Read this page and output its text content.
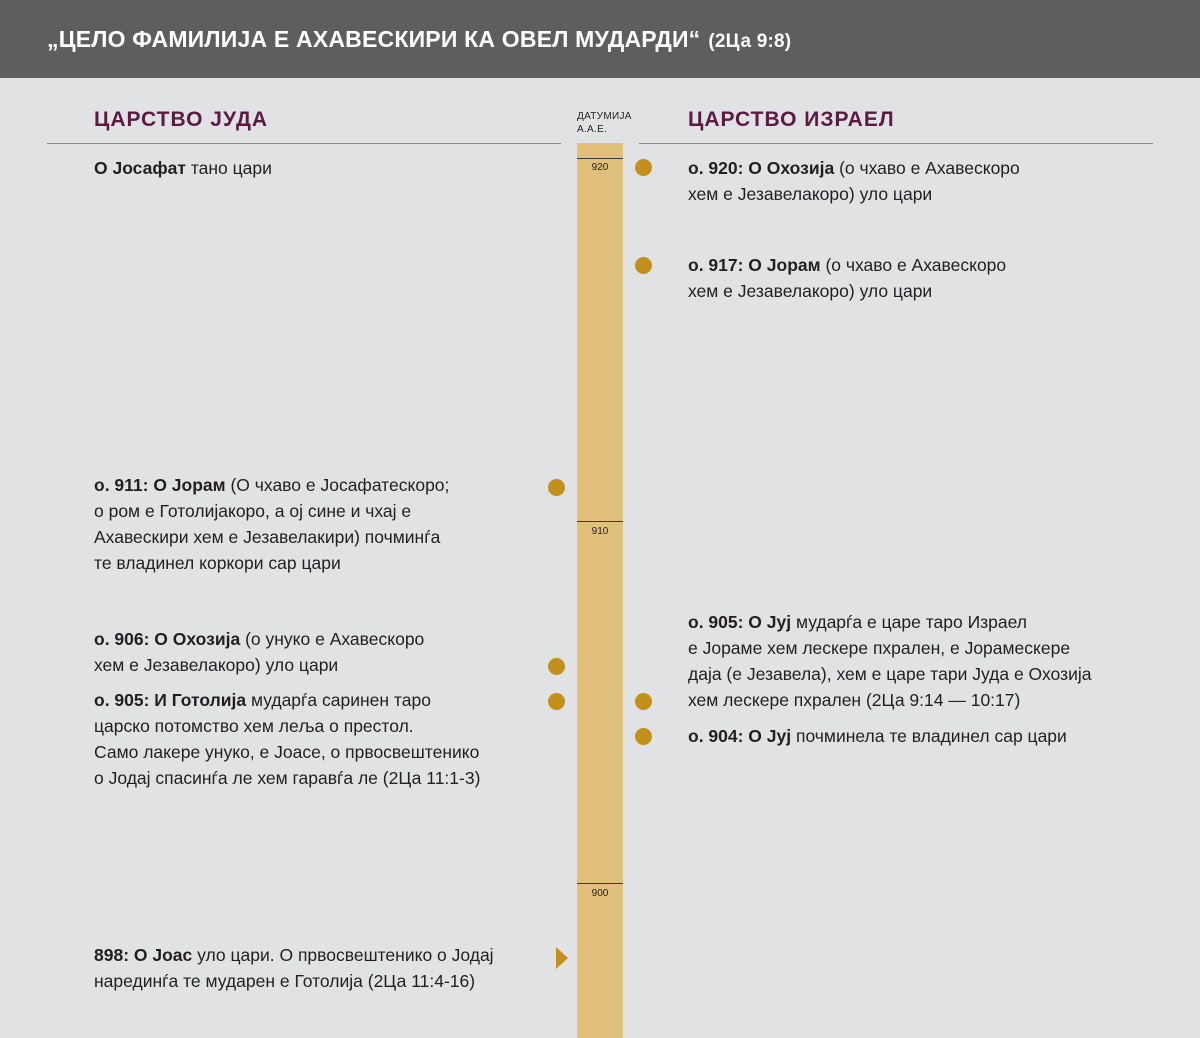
„ЦЕЛО ФАМИЛИЈА Е АХАВЕСКИРИ КА ОВЕЛ МУДАРДИ“ (2Ца 9:8)
ЦАРСТВО ЈУДА	ДАТУМИЈА
А.А.Е.	ЦАРСТВО ИЗРАЕЛ
920
910
900
О Јосафат тано цари
о. 911: О Јорам (О чхаво е Јосафатескоро;
о ром е Готолијакоро, а ој сине и чхај е
Ахавескири хем е Језавелакири) почминѓа
те владинел коркори сар цари
о. 906: О Охозија (о унуко е Ахавескоро
хем е Језавелакоро) уло цари
о. 905: И Готолија мударѓа саринен таро
царско потомство хем леља о престол.
Само лакере унуко, е Јоасе, о првосвештенико
о Јодај спасинѓа ле хем гаравѓа ле (2Ца 11:1-3)
898: О Јоас уло цари. О првосвештенико о Јодај
нарединѓа те мударен е Готолија (2Ца 11:4-16)
о. 920: О Охозија (о чхаво е Ахавескоро
хем е Језавелакоро) уло цари
о. 917: О Јорам (о чхаво е Ахавескоро
хем е Језавелакоро) уло цари
о. 905: О Јуј мударѓа е царе таро Израел
е Јораме хем лескере пхрален, е Јорамескере
даја (е Језавела), хем е царе тари Јуда е Охозија
хем лескере пхрален (2Ца 9:14 — 10:17)
о. 904: О Јуј почминела те владинел сар цари
